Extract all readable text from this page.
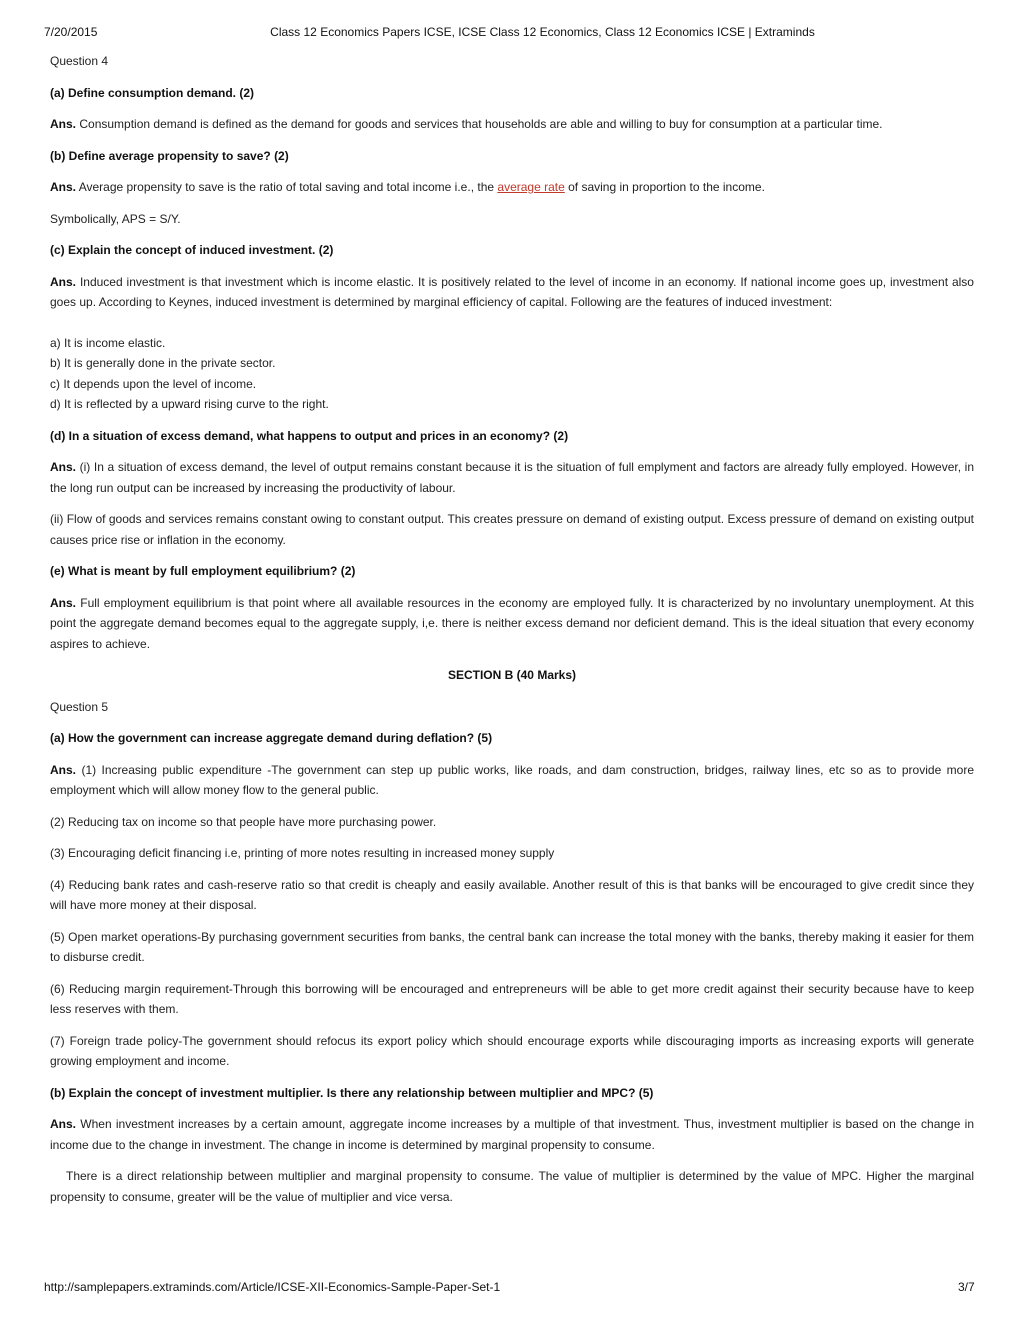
7/20/2015	Class 12 Economics Papers ICSE, ICSE Class 12 Economics, Class 12 Economics ICSE | Extraminds

Question 4

(a) Define consumption demand. (2)

Ans. Consumption demand is defined as the demand for goods and services that households are able and willing to buy for consumption at a particular time.

(b) Define average propensity to save? (2)

Ans. Average propensity to save is the ratio of total saving and total income i.e., the average rate of saving in proportion to the income.

Symbolically, APS = S/Y.

(c) Explain the concept of induced investment. (2)

Ans. Induced investment is that investment which is income elastic. It is positively related to the level of income in an economy. If national income goes up, investment also goes up. According to Keynes, induced investment is determined by marginal efficiency of capital. Following are the features of induced investment:

a) It is income elastic.
b) It is generally done in the private sector.
c) It depends upon the level of income.
d) It is reflected by a upward rising curve to the right.

(d) In a situation of excess demand, what happens to output and prices in an economy? (2)

Ans. (i) In a situation of excess demand, the level of output remains constant because it is the situation of full emplyment and factors are already fully employed. However, in the long run output can be increased by increasing the productivity of labour.

(ii) Flow of goods and services remains constant owing to constant output. This creates pressure on demand of existing output. Excess pressure of demand on existing output causes price rise or inflation in the economy.

(e) What is meant by full employment equilibrium? (2)

Ans. Full employment equilibrium is that point where all available resources in the economy are employed fully. It is characterized by no involuntary unemployment. At this point the aggregate demand becomes equal to the aggregate supply, i,e. there is neither excess demand nor deficient demand. This is the ideal situation that every economy aspires to achieve.

SECTION B (40 Marks)

Question 5

(a) How the government can increase aggregate demand during deflation? (5)

Ans. (1) Increasing public expenditure -The government can step up public works, like roads, and dam construction, bridges, railway lines, etc so as to provide more employment which will allow money flow to the general public.

(2) Reducing tax on income so that people have more purchasing power.

(3) Encouraging deficit financing i.e, printing of more notes resulting in increased money supply

(4) Reducing bank rates and cash-reserve ratio so that credit is cheaply and easily available. Another result of this is that banks will be encouraged to give credit since they will have more money at their disposal.

(5) Open market operations-By purchasing government securities from banks, the central bank can increase the total money with the banks, thereby making it easier for them to disburse credit.

(6) Reducing margin requirement-Through this borrowing will be encouraged and entrepreneurs will be able to get more credit against their security because have to keep less reserves with them.

(7) Foreign trade policy-The government should refocus its export policy which should encourage exports while discouraging imports as increasing exports will generate growing employment and income.

(b) Explain the concept of investment multiplier. Is there any relationship between multiplier and MPC? (5)

Ans. When investment increases by a certain amount, aggregate income increases by a multiple of that investment. Thus, investment multiplier is based on the change in income due to the change in investment. The change in income is determined by marginal propensity to consume.

There is a direct relationship between multiplier and marginal propensity to consume. The value of multiplier is determined by the value of MPC. Higher the marginal propensity to consume, greater will be the value of multiplier and vice versa.

http://samplepapers.extraminds.com/Article/ICSE-XII-Economics-Sample-Paper-Set-1	3/7
